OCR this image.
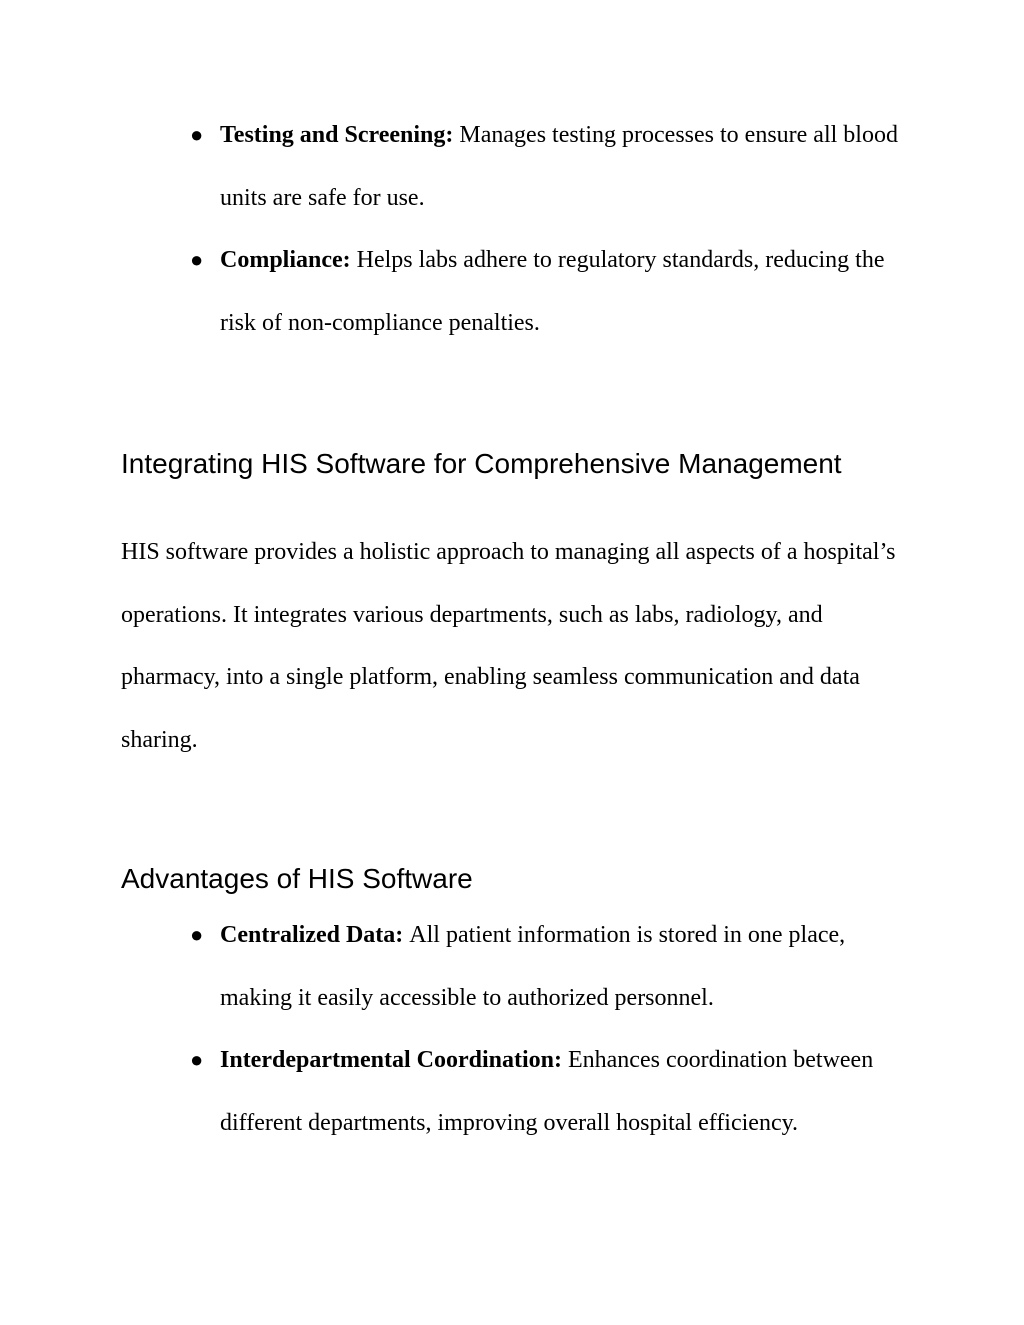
● Testing and Screening: Manages testing processes to ensure all blood units are safe for use.
● Compliance: Helps labs adhere to regulatory standards, reducing the risk of non-compliance penalties.
Integrating HIS Software for Comprehensive Management

HIS software provides a holistic approach to managing all aspects of a hospital’s operations. It integrates various departments, such as labs, radiology, and pharmacy, into a single platform, enabling seamless communication and data sharing.

Advantages of HIS Software
● Centralized Data: All patient information is stored in one place, making it easily accessible to authorized personnel.
● Interdepartmental Coordination: Enhances coordination between different departments, improving overall hospital efficiency.
